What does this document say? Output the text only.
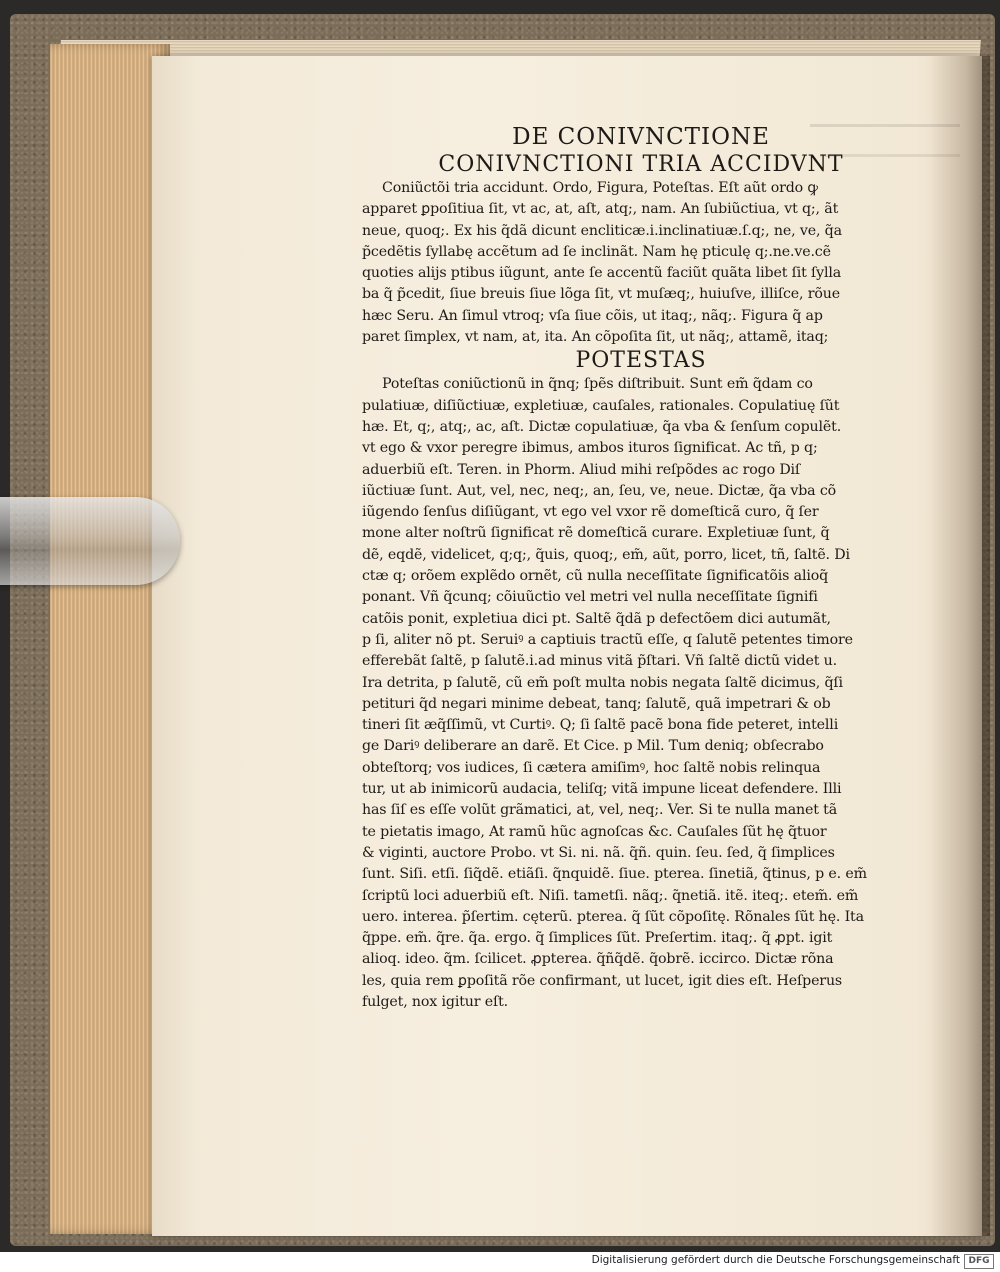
DE CONIVNCTIONE
CONIVNCTIONI TRIA ACCIDVNT
Coniũctõi tria accidunt. Ordo, Figura, Poteſtas. Eſt aũt ordo ꝙ
apparet ꝑpoſitiua ſit, vt ac, at, aſt, atq;, nam. An ſubiũctiua, vt q;, ãt
neue, quoq;. Ex his q̃dã dicunt encliticæ.i.inclinatiuæ.ſ.q;, ne, ve, q̃a
p̃cedẽtis ſyllabę accẽtum ad ſe inclinãt. Nam hę pticulę q;.ne.ve.cẽ
quoties alijs ptibus iũgunt, ante ſe accentũ faciũt quãta libet ſit ſylla
ba q̃ p̃cedit, ſiue breuis ſiue lõga ſit, vt muſæq;, huiuſve, illiſce, rõue
hæc Seru. An ſimul vtroq; vſa ſiue cõis, ut itaq;, nãq;. Figura q̃ ap
paret ſimplex, vt nam, at, ita. An cõpoſita ſit, ut nãq;, attamẽ, itaq;
POTESTAS
Poteſtas coniũctionũ in q̃nq; ſpẽs diſtribuit. Sunt em̃ q̃dam co
pulatiuæ, diſiũctiuæ, expletiuæ, cauſales, rationales. Copulatiuę ſũt
hæ. Et, q;, atq;, ac, aſt. Dictæ copulatiuæ, q̃a vba & ſenſum copulẽt.
vt ego & vxor peregre ibimus, ambos ituros ſignificat. Ac tñ, p q;
aduerbiũ eſt. Teren. in Phorm. Aliud mihi reſpõdes ac rogo Diſ
iũctiuæ ſunt. Aut, vel, nec, neq;, an, ſeu, ve, neue. Dictæ, q̃a vba cõ
iũgendo ſenſus diſiũgant, vt ego vel vxor rẽ domeſticã curo, q̃ ſer
mone alter noſtrũ ſignificat rẽ domeſticã curare. Expletiuæ ſunt, q̃
dẽ, eqdẽ, videlicet, q;q;, q̃uis, quoq;, em̃, aũt, porro, licet, tñ, ſaltẽ. Di
ctæ q; orõem explẽdo ornẽt, cũ nulla neceſſitate ſignificatõis alioq̃
ponant. Vñ q̃cunq; cõiuũctio vel metri vel nulla neceſſitate ſignifi
catõis ponit, expletiua dici pt. Saltẽ q̃dã p defectõem dici autumãt,
p ſi, aliter nõ pt. Seruiꝰ a captiuis tractũ eſſe, q ſalutẽ petentes timore
efferebãt ſaltẽ, p ſalutẽ.i.ad minus vitã p̃ſtari. Vñ ſaltẽ dictũ videt u.
Ira detrita, p ſalutẽ, cũ em̃ poſt multa nobis negata ſaltẽ dicimus, q̃ſi
petituri q̃d negari minime debeat, tanq; ſalutẽ, quã impetrari & ob
tineri ſit æq̃ſſimũ, vt Curtiꝰ. Q; ſi ſaltẽ pacẽ bona fide peteret, intelli
ge Dariꝰ deliberare an darẽ. Et Cice. p Mil. Tum deniq; obſecrabo
obteſtorq; vos iudices, ſi cætera amiſimꝰ, hoc ſaltẽ nobis relinqua
tur, ut ab inimicorũ audacia, teliſq; vitã impune liceat defendere. Illi
has ſiſ es eſſe volũt grãmatici, at, vel, neq;. Ver. Si te nulla manet tã
te pietatis imago, At ramũ hũc agnoſcas &c. Cauſales ſũt hę q̃tuor
& viginti, auctore Probo. vt Si. ni. nã. q̃ñ. quin. ſeu. ſed, q̃ ſimplices
ſunt. Siſi. etſi. ſiq̃dẽ. etiãſi. q̃nquidẽ. ſiue. pterea. ſinetiã, q̃tinus, p e. em̃
ſcriptũ loci aduerbiũ eſt. Niſi. tametſi. nãq;. q̃netiã. itẽ. iteq;. etem̃. em̃
uero. interea. p̃ſertim. cęterũ. pterea. q̃ ſũt cõpoſitę. Rõnales ſũt hę. Ita
q̃ppe. em̃. q̃re. q̃a. ergo. q̃ ſimplices ſũt. Preſertim. itaq;. q̃ ꝓpt. igit
alioq. ideo. q̃m. ſcilicet. ꝓpterea. q̃ñq̃dẽ. q̃obrẽ. iccirco. Dictæ rõna
les, quia rem ꝑpoſitã rõe confirmant, ut lucet, igit dies eſt. Heſperus
fulget, nox igitur eſt.
Digitalisierung gefördert durch die Deutsche Forschungsgemeinschaft DFG
